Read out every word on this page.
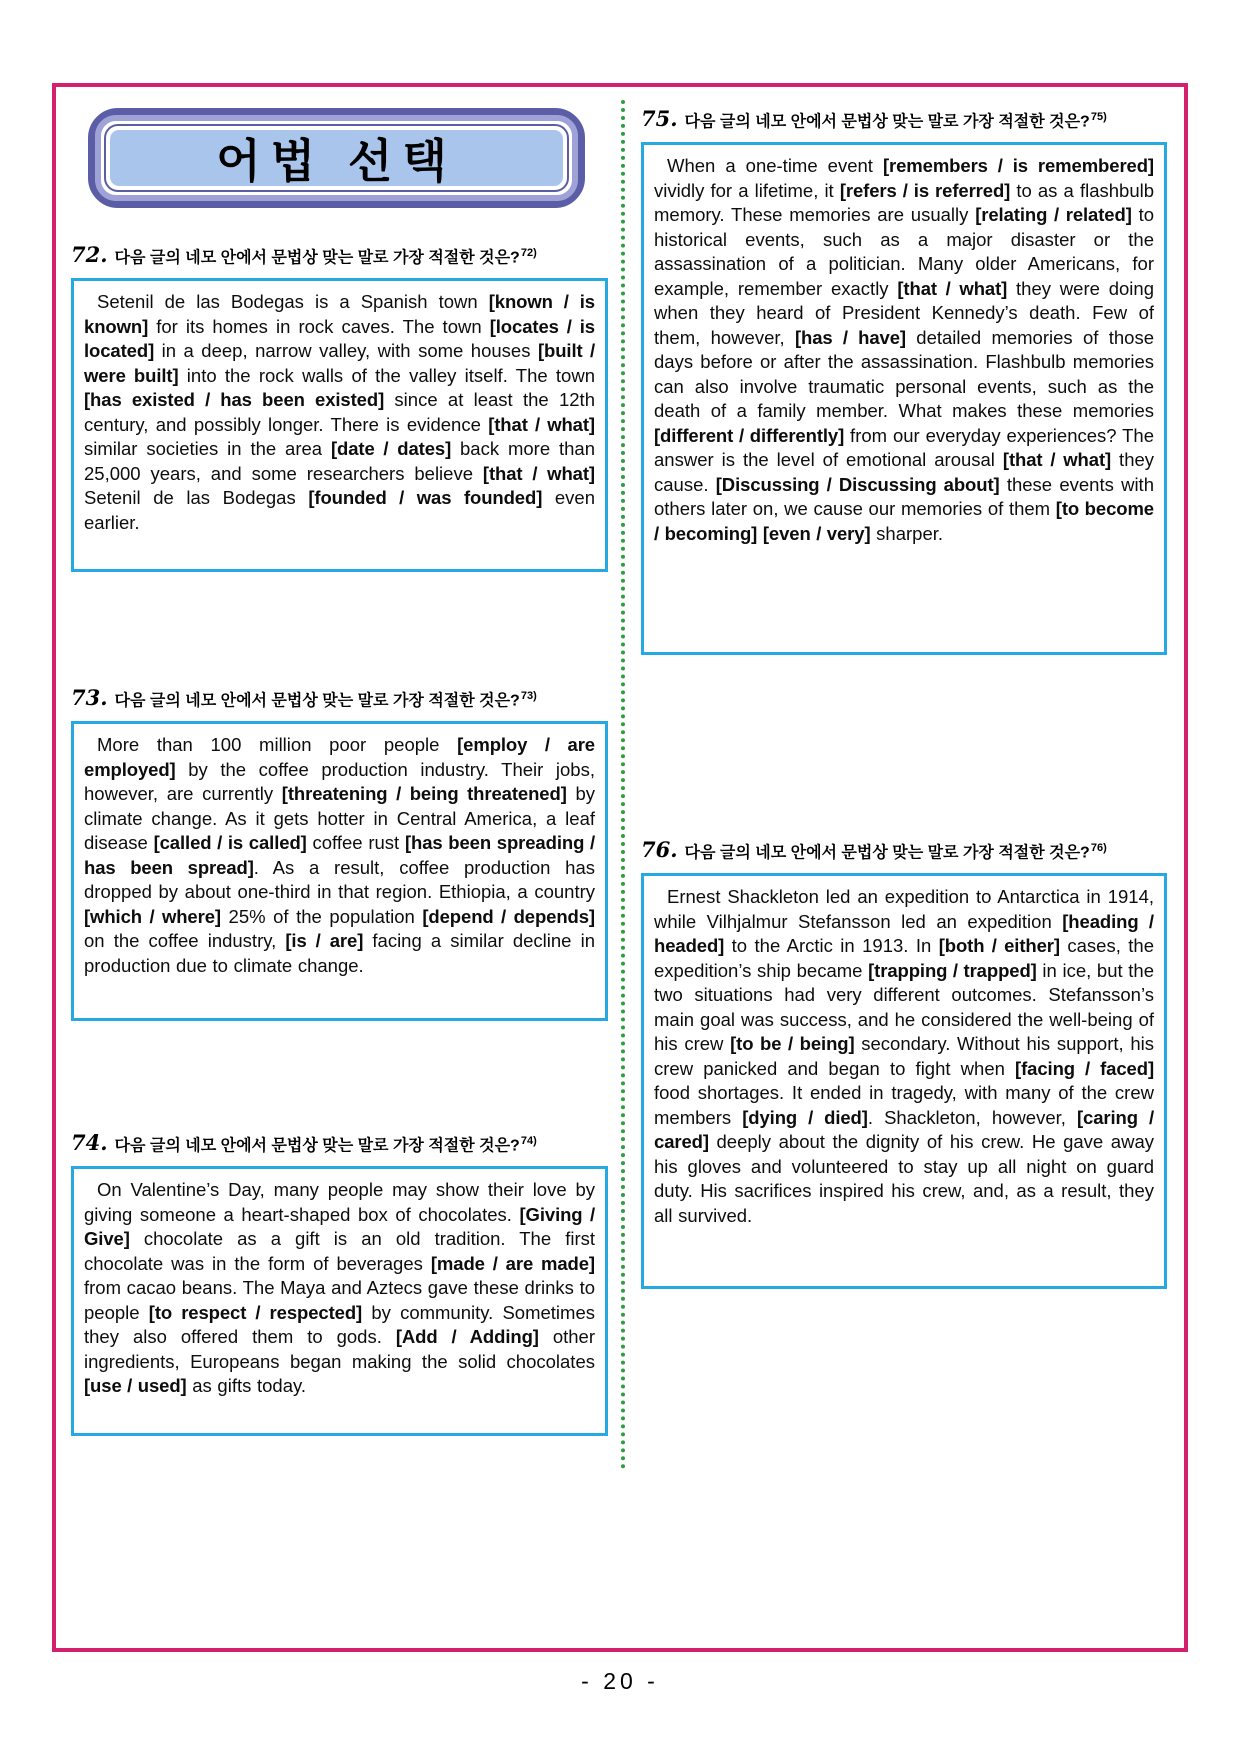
어법 선택
72. 다음 글의 네모 안에서 문법상 맞는 말로 가장 적절한 것은?$^{72)}$
Setenil de las Bodegas is a Spanish town [known / is known] for its homes in rock caves. The town [locates / is located] in a deep, narrow valley, with some houses [built / were built] into the rock walls of the valley itself. The town [has existed / has been existed] since at least the 12th century, and possibly longer. There is evidence [that / what] similar societies in the area [date / dates] back more than 25,000 years, and some researchers believe [that / what] Setenil de las Bodegas [founded / was founded] even earlier.
73. 다음 글의 네모 안에서 문법상 맞는 말로 가장 적절한 것은?$^{73)}$
More than 100 million poor people [employ / are employed] by the coffee production industry. Their jobs, however, are currently [threatening / being threatened] by climate change. As it gets hotter in Central America, a leaf disease [called / is called] coffee rust [has been spreading / has been spread]. As a result, coffee production has dropped by about one-third in that region. Ethiopia, a country [which / where] 25% of the population [depend / depends] on the coffee industry, [is / are] facing a similar decline in production due to climate change.
74. 다음 글의 네모 안에서 문법상 맞는 말로 가장 적절한 것은?$^{74)}$
On Valentine’s Day, many people may show their love by giving someone a heart-shaped box of chocolates. [Giving / Give] chocolate as a gift is an old tradition. The first chocolate was in the form of beverages [made / are made] from cacao beans. The Maya and Aztecs gave these drinks to people [to respect / respected] by community. Sometimes they also offered them to gods. [Add / Adding] other ingredients, Europeans began making the solid chocolates [use / used] as gifts today.
75. 다음 글의 네모 안에서 문법상 맞는 말로 가장 적절한 것은?$^{75)}$
When a one-time event [remembers / is remembered] vividly for a lifetime, it [refers / is referred] to as a flashbulb memory. These memories are usually [relating / related] to historical events, such as a major disaster or the assassination of a politician. Many older Americans, for example, remember exactly [that / what] they were doing when they heard of President Kennedy’s death. Few of them, however, [has / have] detailed memories of those days before or after the assassination. Flashbulb memories can also involve traumatic personal events, such as the death of a family member. What makes these memories [different / differently] from our everyday experiences? The answer is the level of emotional arousal [that / what] they cause. [Discussing / Discussing about] these events with others later on, we cause our memories of them [to become / becoming] [even / very] sharper.
76. 다음 글의 네모 안에서 문법상 맞는 말로 가장 적절한 것은?$^{76)}$
Ernest Shackleton led an expedition to Antarctica in 1914, while Vilhjalmur Stefansson led an expedition [heading / headed] to the Arctic in 1913. In [both / either] cases, the expedition’s ship became [trapping / trapped] in ice, but the two situations had very different outcomes. Stefansson’s main goal was success, and he considered the well-being of his crew [to be / being] secondary. Without his support, his crew panicked and began to fight when [facing / faced] food shortages. It ended in tragedy, with many of the crew members [dying / died]. Shackleton, however, [caring / cared] deeply about the dignity of his crew. He gave away his gloves and volunteered to stay up all night on guard duty. His sacrifices inspired his crew, and, as a result, they all survived.
- 20 -
